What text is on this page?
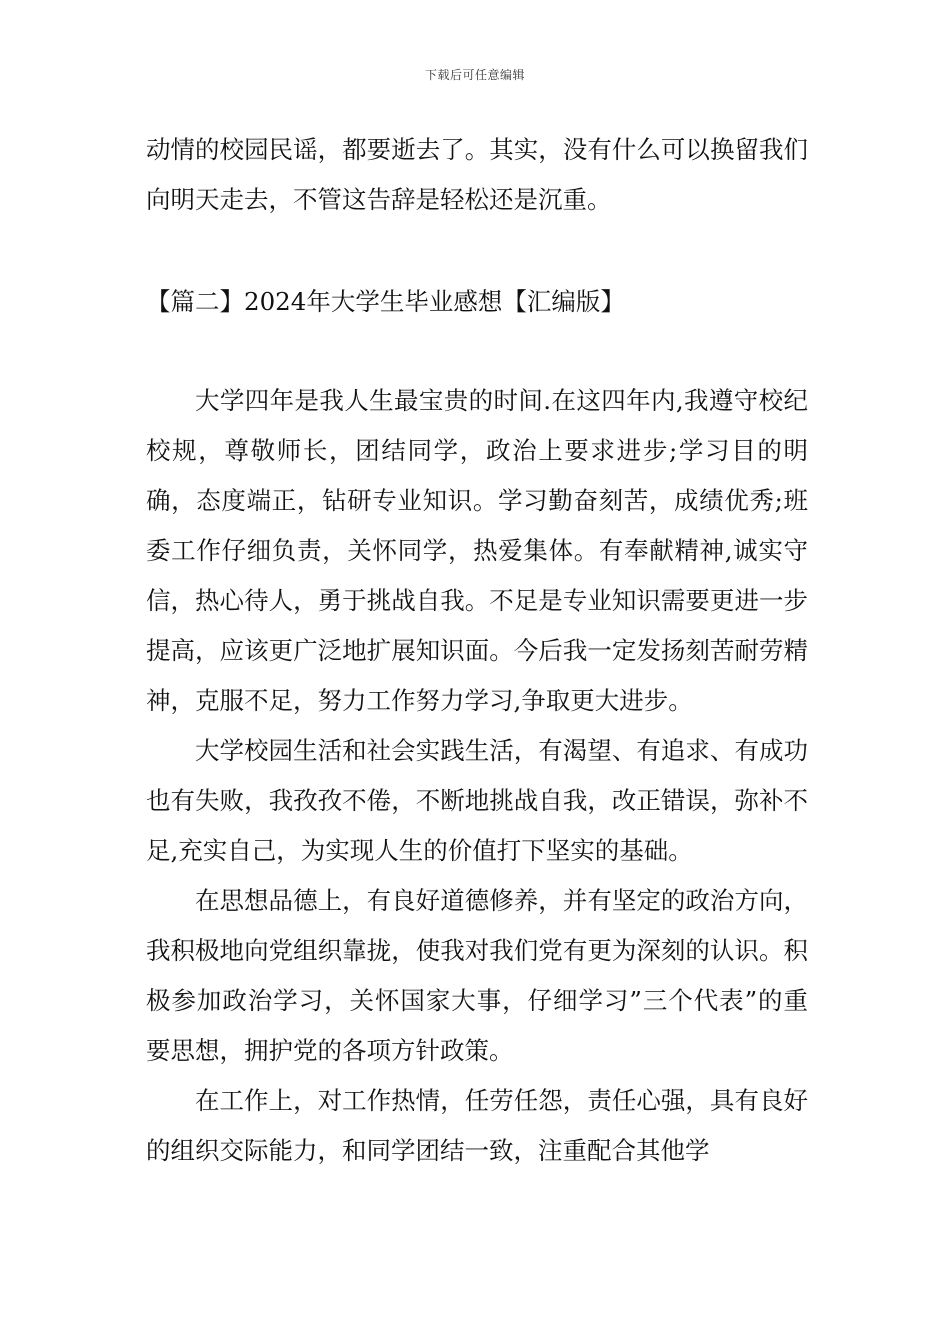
下载后可任意编辑

动情的校园民谣，都要逝去了。其实，没有什么可以换留我们向明天走去，不管这告辞是轻松还是沉重。

【篇二】2024年大学生毕业感想【汇编版】

大学四年是我人生最宝贵的时间.在这四年内,我遵守校纪校规，尊敬师长，团结同学，政治上要求进步;学习目的明确，态度端正，钻研专业知识。学习勤奋刻苦，成绩优秀;班委工作仔细负责，关怀同学，热爱集体。有奉献精神,诚实守信，热心待人，勇于挑战自我。不足是专业知识需要更进一步提高，应该更广泛地扩展知识面。今后我一定发扬刻苦耐劳精神，克服不足，努力工作努力学习,争取更大进步。

大学校园生活和社会实践生活，有渴望、有追求、有成功也有失败，我孜孜不倦，不断地挑战自我，改正错误，弥补不足,充实自己，为实现人生的价值打下坚实的基础。

在思想品德上，有良好道德修养，并有坚定的政治方向，我积极地向党组织靠拢，使我对我们党有更为深刻的认识。积极参加政治学习，关怀国家大事，仔细学习”三个代表”的重要思想，拥护党的各项方针政策。

在工作上，对工作热情，任劳任怨，责任心强，具有良好的组织交际能力，和同学团结一致，注重配合其他学
